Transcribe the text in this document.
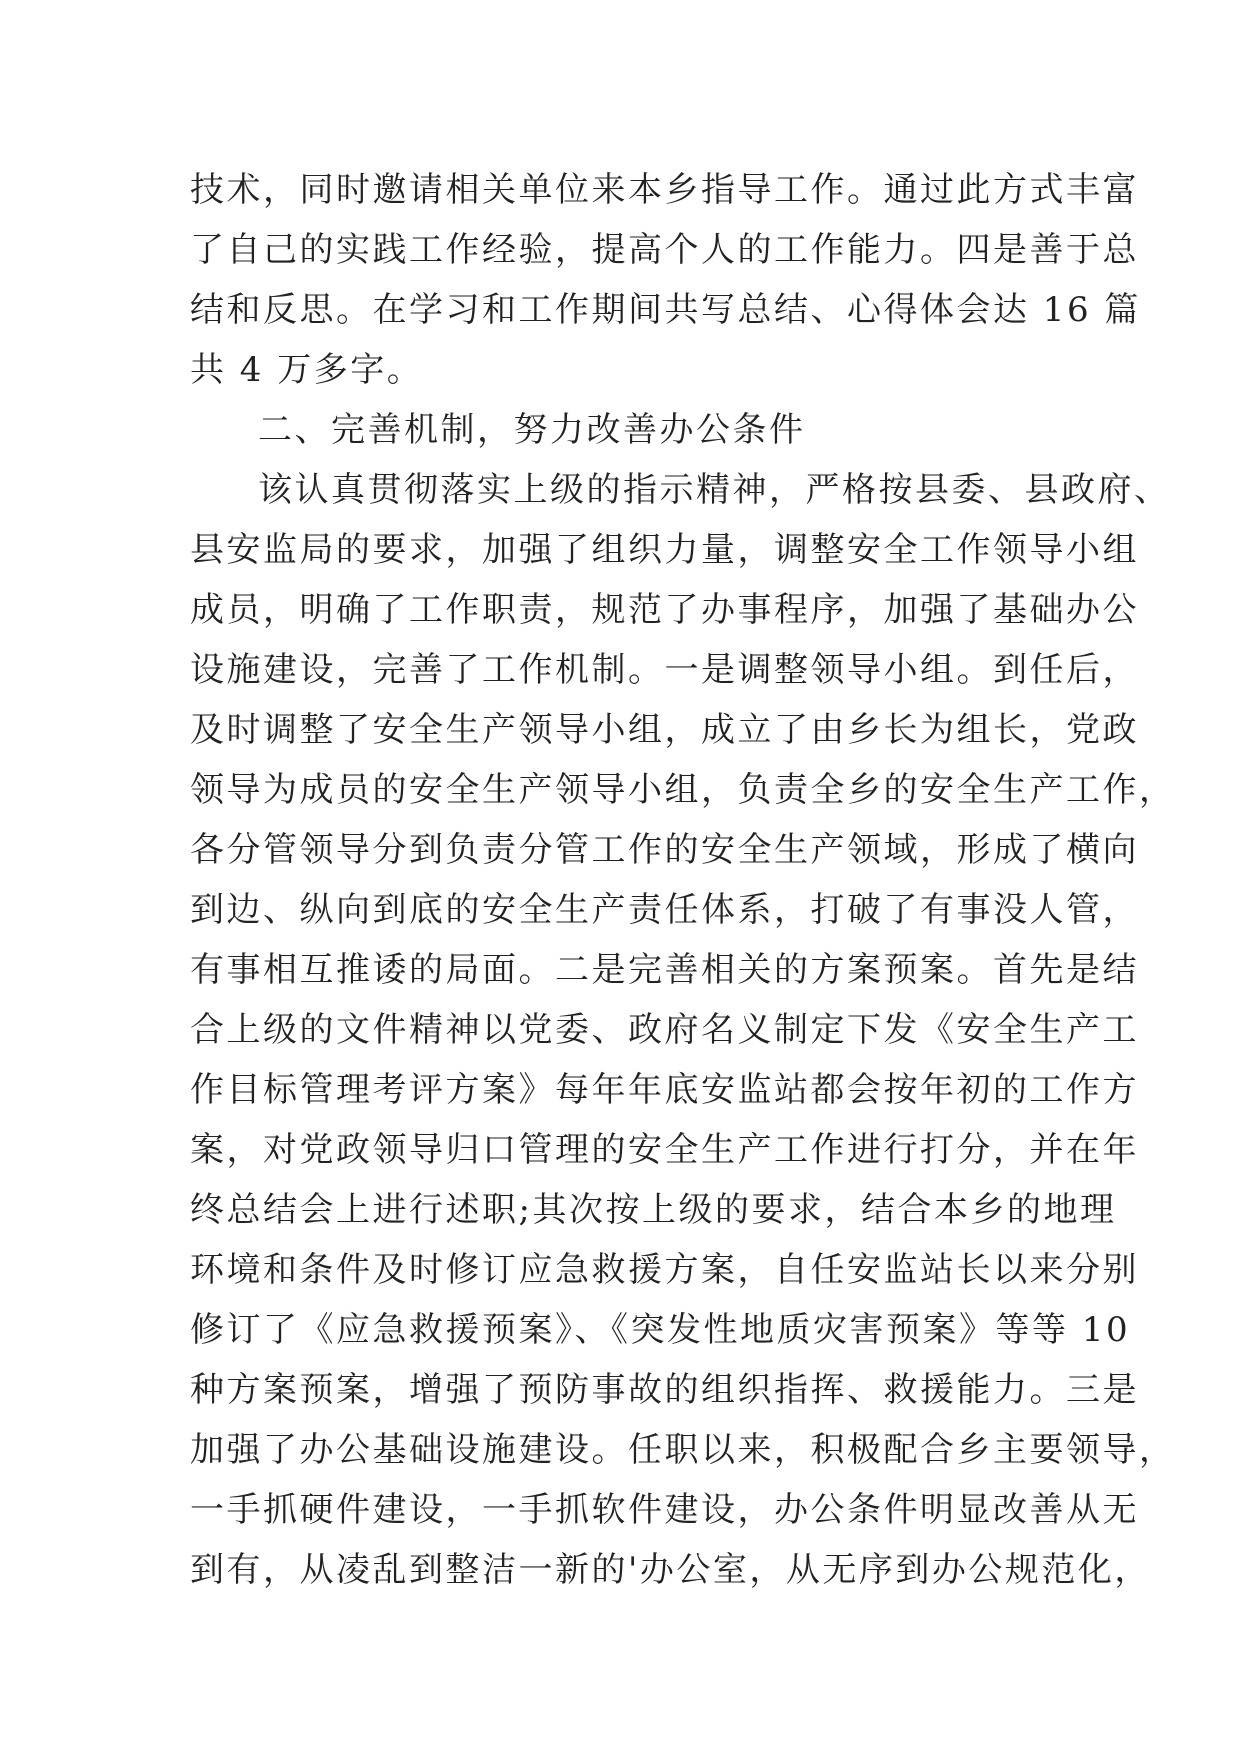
技术，同时邀请相关单位来本乡指导工作。通过此方式丰富
了自己的实践工作经验，提高个人的工作能力。四是善于总
结和反思。在学习和工作期间共写总结、心得体会达 16 篇
共 4 万多字。
二、完善机制，努力改善办公条件
该认真贯彻落实上级的指示精神，严格按县委、县政府、
县安监局的要求，加强了组织力量，调整安全工作领导小组
成员，明确了工作职责，规范了办事程序，加强了基础办公
设施建设，完善了工作机制。一是调整领导小组。到任后，
及时调整了安全生产领导小组，成立了由乡长为组长，党政
领导为成员的安全生产领导小组，负责全乡的安全生产工作，
各分管领导分到负责分管工作的安全生产领域，形成了横向
到边、纵向到底的安全生产责任体系，打破了有事没人管，
有事相互推诿的局面。二是完善相关的方案预案。首先是结
合上级的文件精神以党委、政府名义制定下发《安全生产工
作目标管理考评方案》每年年底安监站都会按年初的工作方
案，对党政领导归口管理的安全生产工作进行打分，并在年
终总结会上进行述职;其次按上级的要求，结合本乡的地理
环境和条件及时修订应急救援方案，自任安监站长以来分别
修订了《应急救援预案》、《突发性地质灾害预案》等等 10
种方案预案，增强了预防事故的组织指挥、救援能力。三是
加强了办公基础设施建设。任职以来，积极配合乡主要领导，
一手抓硬件建设，一手抓软件建设，办公条件明显改善从无
到有，从凌乱到整洁一新的'办公室，从无序到办公规范化，
